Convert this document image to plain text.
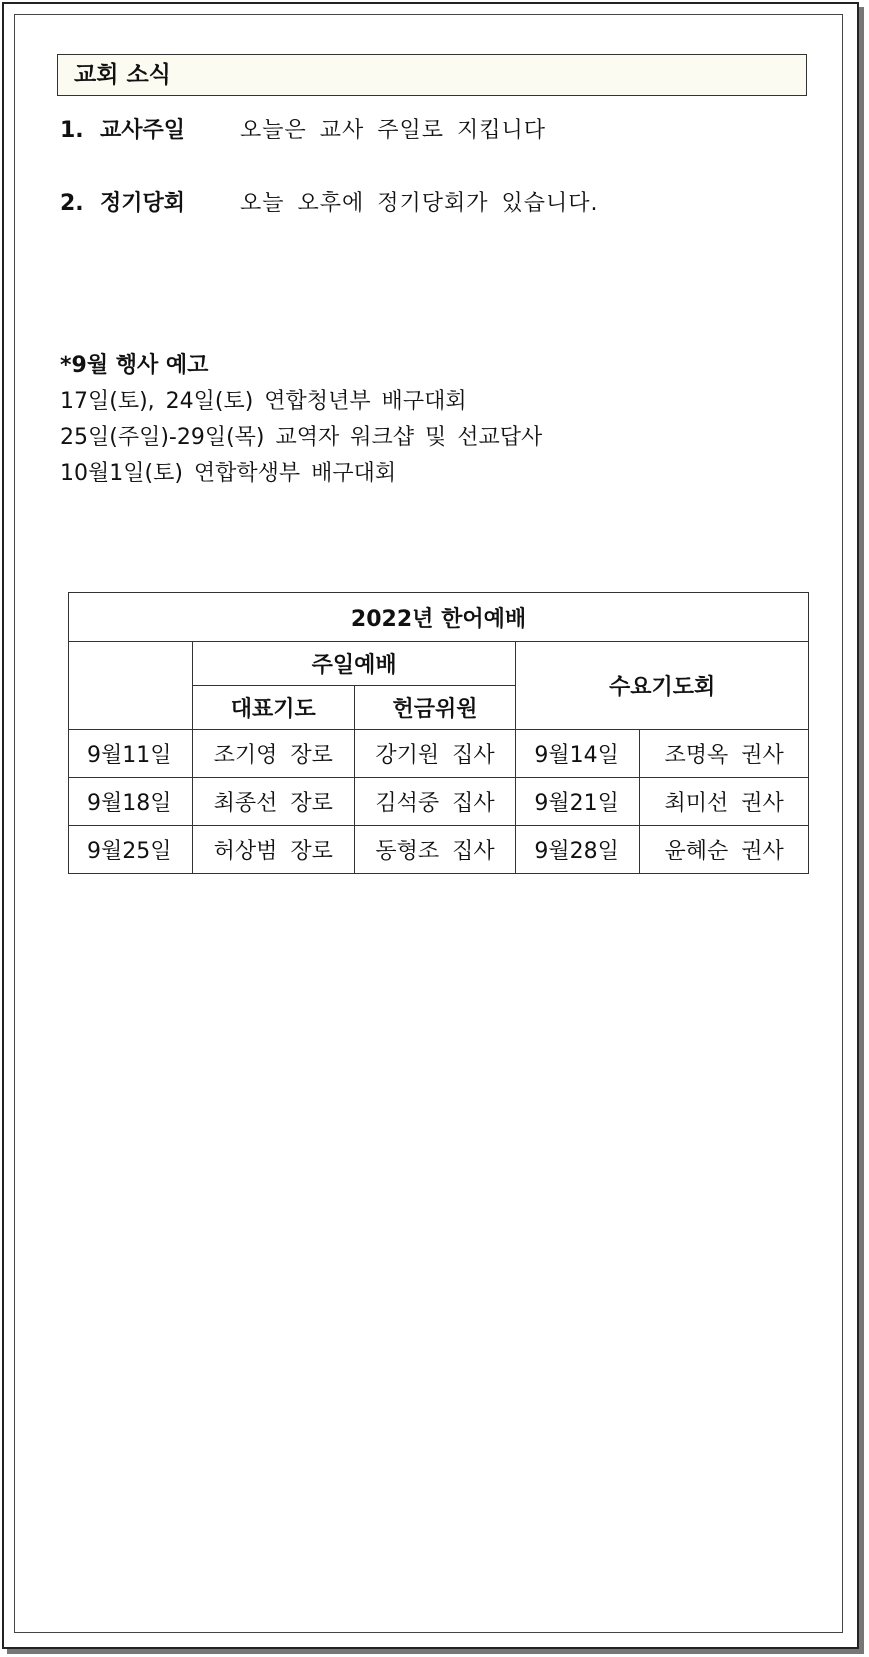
교회 소식
1. 교사주일 오늘은 교사 주일로 지킵니다
2. 정기당회 오늘 오후에 정기당회가 있습니다.
*9월 행사 예고
17일(토), 24일(토) 연합청년부 배구대회
25일(주일)-29일(목) 교역자 워크샵 및 선교답사
10월1일(토) 연합학생부 배구대회
2022년 한어예배				
	주일예배		수요기도회	
	대표기도	헌금위원		
9월11일	조기영 장로	강기원 집사	9월14일	조명옥 권사
9월18일	최종선 장로	김석중 집사	9월21일	최미선 권사
9월25일	허상범 장로	동형조 집사	9월28일	윤혜순 권사
